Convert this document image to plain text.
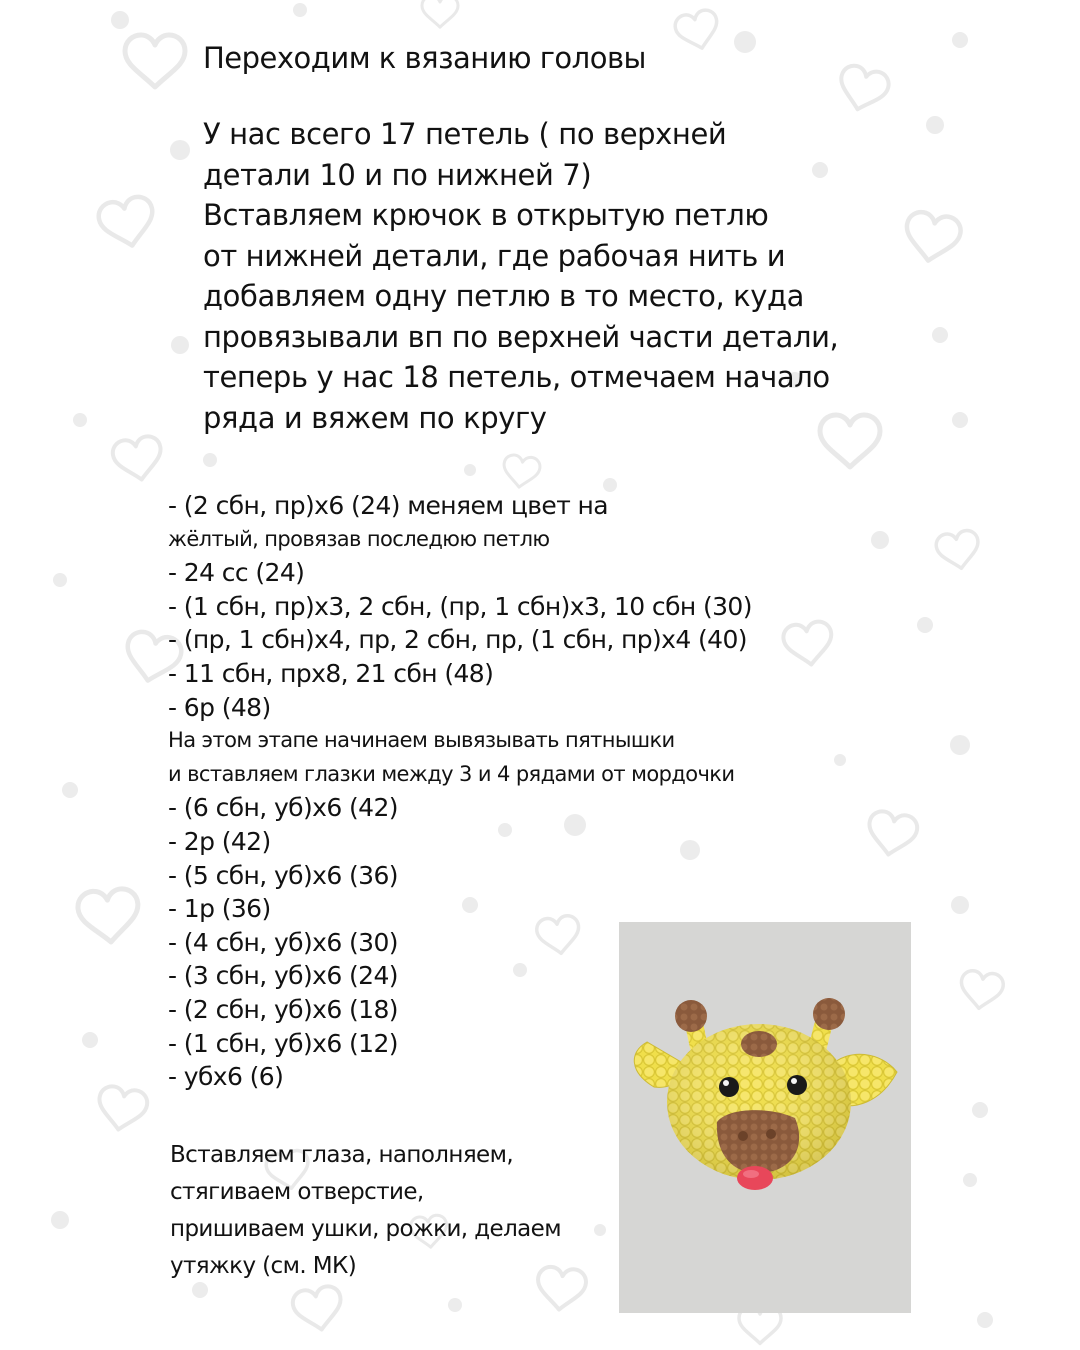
Переходим к вязанию головы
У нас всего 17 петель ( по верхней
детали 10 и по нижней 7)
Вставляем крючок в открытую петлю
от нижней детали, где рабочая нить и
добавляем одну петлю в то место, куда
провязывали вп по верхней части детали,
теперь у нас 18 петель, отмечаем начало
ряда и вяжем по кругу
- (2 сбн, пр)х6 (24) меняем цвет на
жёлтый, провязав последюю петлю
- 24 сс (24)
- (1 сбн, пр)х3, 2 сбн, (пр, 1 сбн)х3, 10 сбн (30)
- (пр, 1 сбн)х4, пр, 2 сбн, пр, (1 сбн, пр)х4 (40)
- 11 сбн, прх8, 21 сбн (48)
- 6р (48)
На этом этапе начинаем вывязывать пятнышки
и вставляем глазки между 3 и 4 рядами от мордочки
- (6 сбн, уб)х6 (42)
- 2р (42)
- (5 сбн, уб)х6 (36)
- 1р (36)
- (4 сбн, уб)х6 (30)
- (3 сбн, уб)х6 (24)
- (2 сбн, уб)х6 (18)
- (1 сбн, уб)х6 (12)
- убх6 (6)
Вставляем глаза, наполняем,
стягиваем отверстие,
пришиваем ушки, рожки, делаем
утяжку (см. МК)
